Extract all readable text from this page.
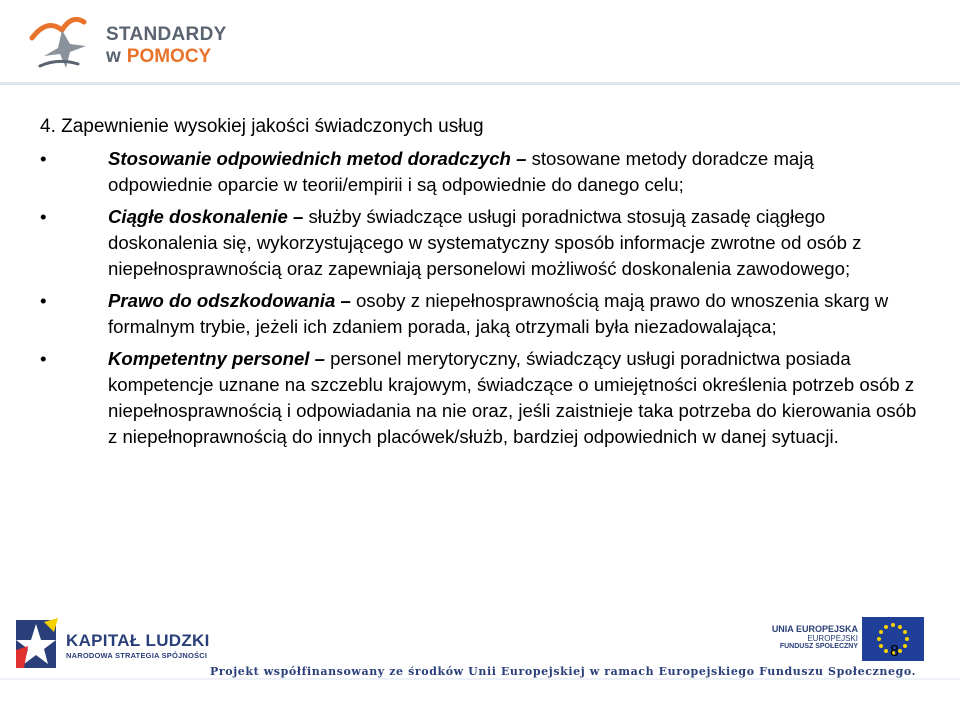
STANDARDY
w POMOCY
4. Zapewnienie wysokiej jakości świadczonych usług
•	Stosowanie odpowiednich metod doradczych – stosowane metody doradcze mają odpowiednie oparcie w teorii/empirii i są odpowiednie do danego celu;
•	Ciągłe doskonalenie – służby świadczące usługi poradnictwa stosują zasadę ciągłego doskonalenia się, wykorzystującego w systematyczny sposób informacje zwrotne od osób z niepełnosprawnością oraz zapewniają personelowi możliwość doskonalenia zawodowego;
•	Prawo do odszkodowania – osoby z niepełnosprawnością mają prawo do wnoszenia skarg w formalnym trybie, jeżeli ich zdaniem porada, jaką otrzymali była niezadowalająca;
•	Kompetentny personel – personel merytoryczny, świadczący usługi poradnictwa posiada kompetencje uznane na szczeblu krajowym, świadczące o umiejętności określenia potrzeb osób z niepełnosprawnością i odpowiadania na nie oraz, jeśli zaistnieje taka potrzeba do kierowania osób z niepełnoprawnością do innych placówek/służb, bardziej odpowiednich w danej sytuacji.
KAPITAŁ LUDZKI
NARODOWA STRATEGIA SPÓJNOŚCI
Projekt współfinansowany ze środków Unii Europejskiej w ramach Europejskiego Funduszu Społecznego.
UNIA EUROPEJSKA
EUROPEJSKI
FUNDUSZ SPOŁECZNY 8
